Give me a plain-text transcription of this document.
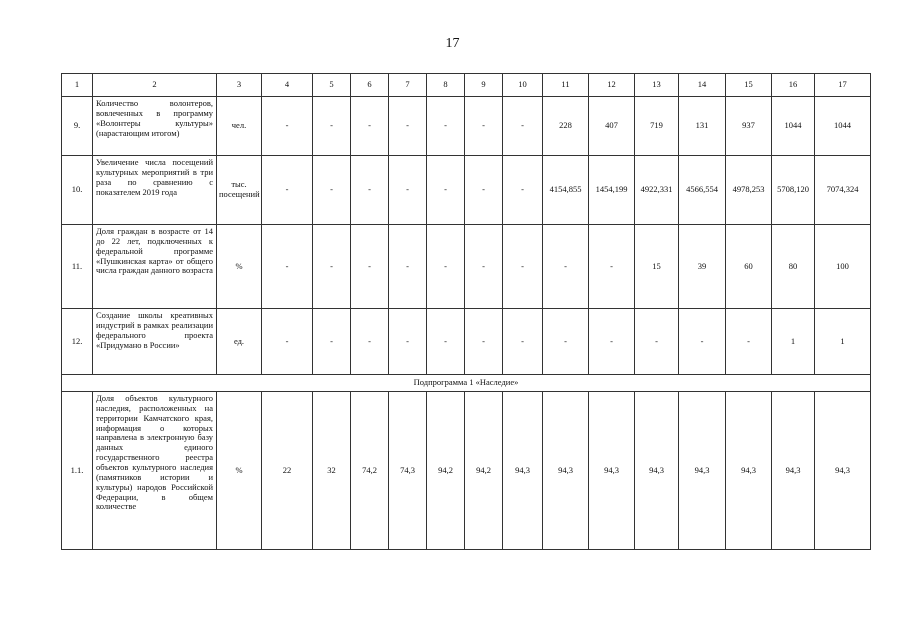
17
1	2	3	4	5	6	7	8	9	10	11	12	13	14	15	16	17
9.	Количество волонтеров, вовлеченных в программу «Волонтеры культуры» (нарастающим итогом)	чел.	-	-	-	-	-	-	-	228	407	719	131	937	1044	1044
10.	Увеличение числа посещений культурных мероприятий в три раза по сравнению с показателем 2019 года	тыс. посещений	-	-	-	-	-	-	-	4154,855	1454,199	4922,331	4566,554	4978,253	5708,120	7074,324
11.	Доля граждан в возрасте от 14 до 22 лет, подключенных к федеральной программе «Пушкинская карта» от общего числа граждан данного возраста	%	-	-	-	-	-	-	-	-	-	15	39	60	80	100
12.	Создание школы креативных индустрий в рамках реализации федерального проекта «Придумано в России»	ед.	-	-	-	-	-	-	-	-	-	-	-	-	1	1
Подпрограмма 1 «Наследие»																
1.1.	Доля объектов культурного наследия, расположенных на территории Камчатского края, информация о которых направлена в электронную базу данных единого государственного реестра объектов культурного наследия (памятников истории и культуры) народов Российской Федерации, в общем количестве	%	22	32	74,2	74,3	94,2	94,2	94,3	94,3	94,3	94,3	94,3	94,3	94,3	94,3
